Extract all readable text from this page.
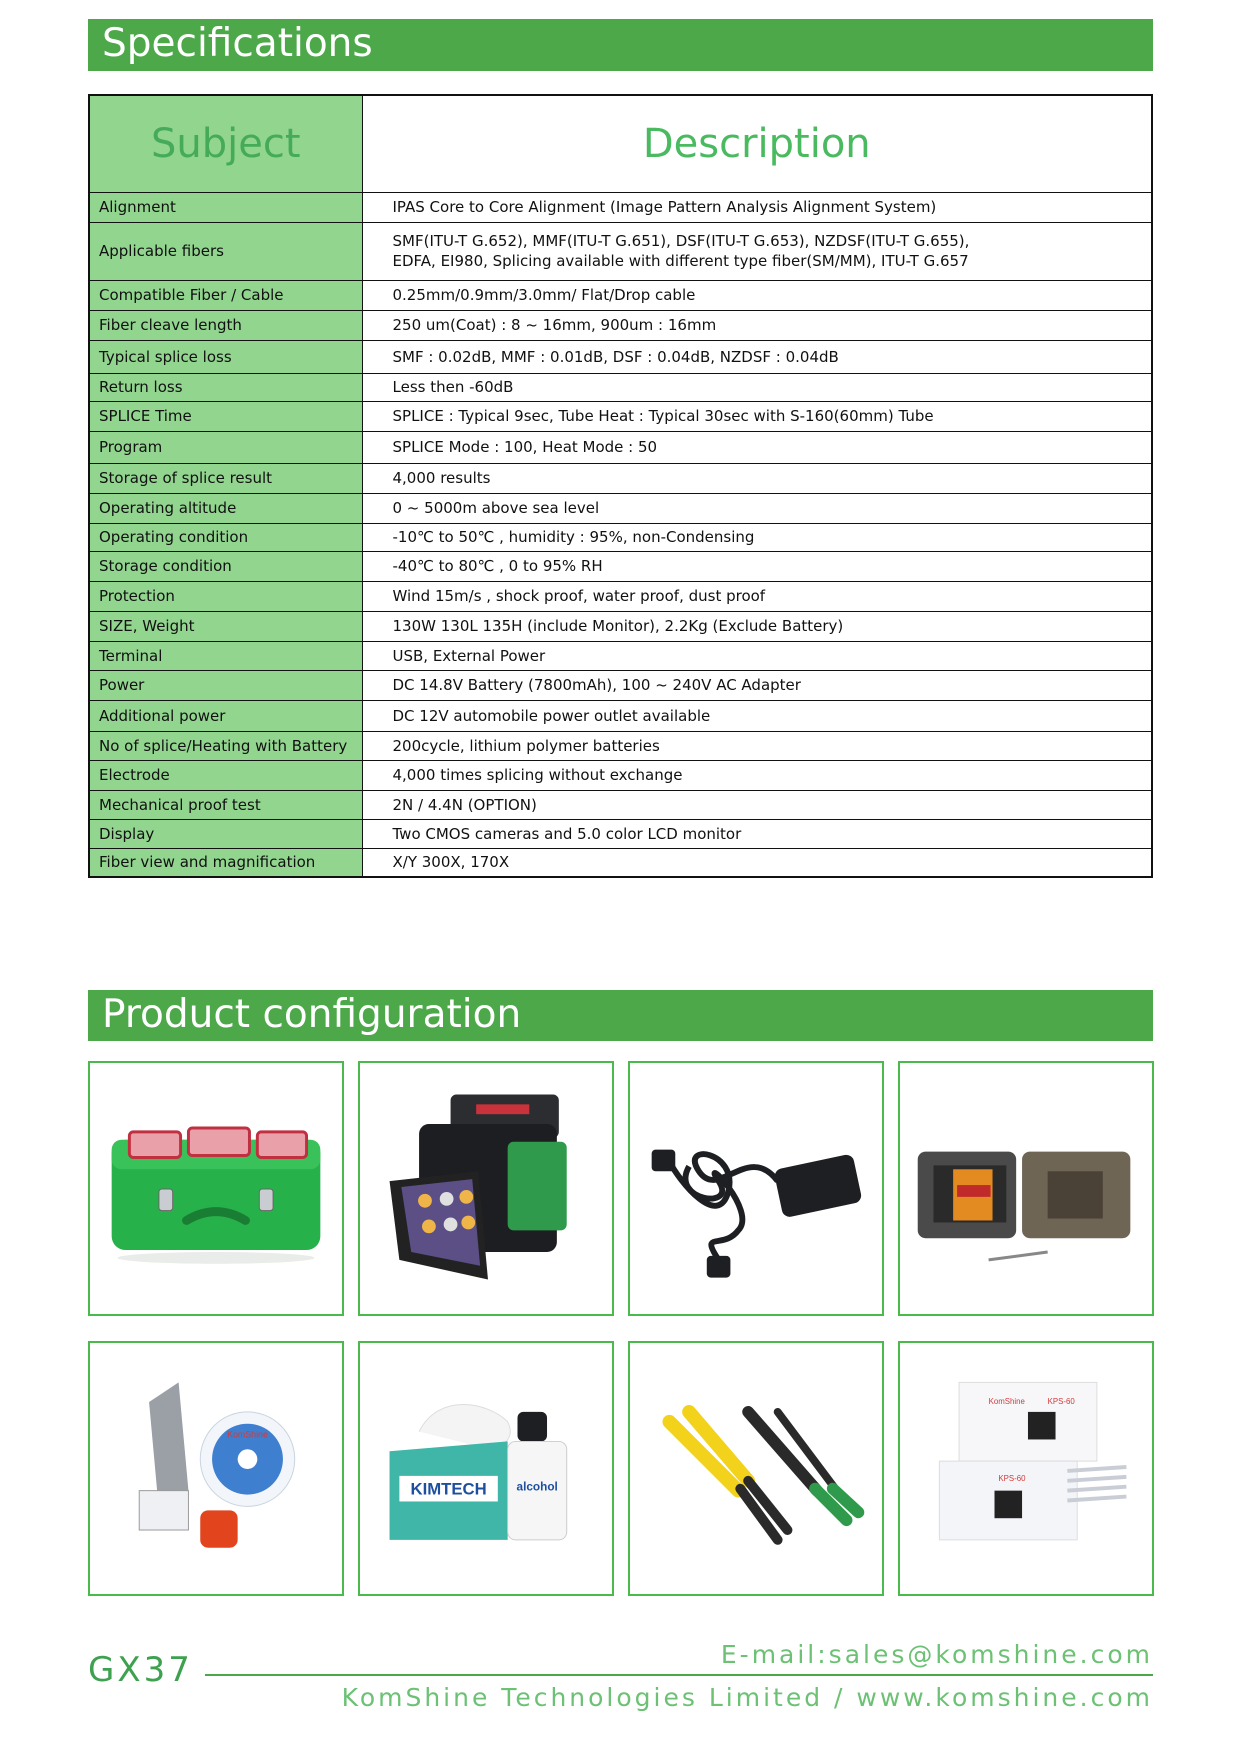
Specifications
Subject	Description
Alignment	IPAS Core to Core Alignment (Image Pattern Analysis Alignment System)

Applicable fibers	SMF(ITU-T G.652), MMF(ITU-T G.651), DSF(ITU-T G.653), NZDSF(ITU-T G.655),
EDFA, EI980, Splicing available with different type fiber(SM/MM), ITU-T G.657

Compatible Fiber / Cable	0.25mm/0.9mm/3.0mm/ Flat/Drop cable

Fiber cleave length	250 um(Coat) : 8 ~ 16mm, 900um : 16mm

Typical splice loss	SMF : 0.02dB, MMF : 0.01dB, DSF : 0.04dB, NZDSF : 0.04dB

Return loss	Less then -60dB

SPLICE Time	SPLICE : Typical 9sec, Tube Heat : Typical 30sec with S-160(60mm) Tube

Program	SPLICE Mode : 100, Heat Mode : 50

Storage of splice result	4,000 results

Operating altitude	0 ~ 5000m above sea level

Operating condition	-10℃ to 50℃ , humidity : 95%, non-Condensing

Storage condition	-40℃ to 80℃ , 0 to 95% RH

Protection	Wind 15m/s , shock proof, water proof, dust proof

SIZE, Weight	130W 130L 135H (include Monitor), 2.2Kg (Exclude Battery)

Terminal	USB, External Power

Power	DC 14.8V Battery (7800mAh), 100 ~ 240V AC Adapter

Additional power	DC 12V automobile power outlet available

No of splice/Heating with Battery	200cycle, lithium polymer batteries

Electrode	4,000 times splicing without exchange

Mechanical proof test	2N / 4.4N (OPTION)

Display	Two CMOS cameras and 5.0 color LCD monitor

Fiber view and magnification	X/Y 300X, 170X
Product configuration
KomShine
KIMTECH alcohol
KomShine	KPS-60
KPS-60
E-mail:sales@komshine.com
GX37
KomShine Technologies Limited / www.komshine.com
